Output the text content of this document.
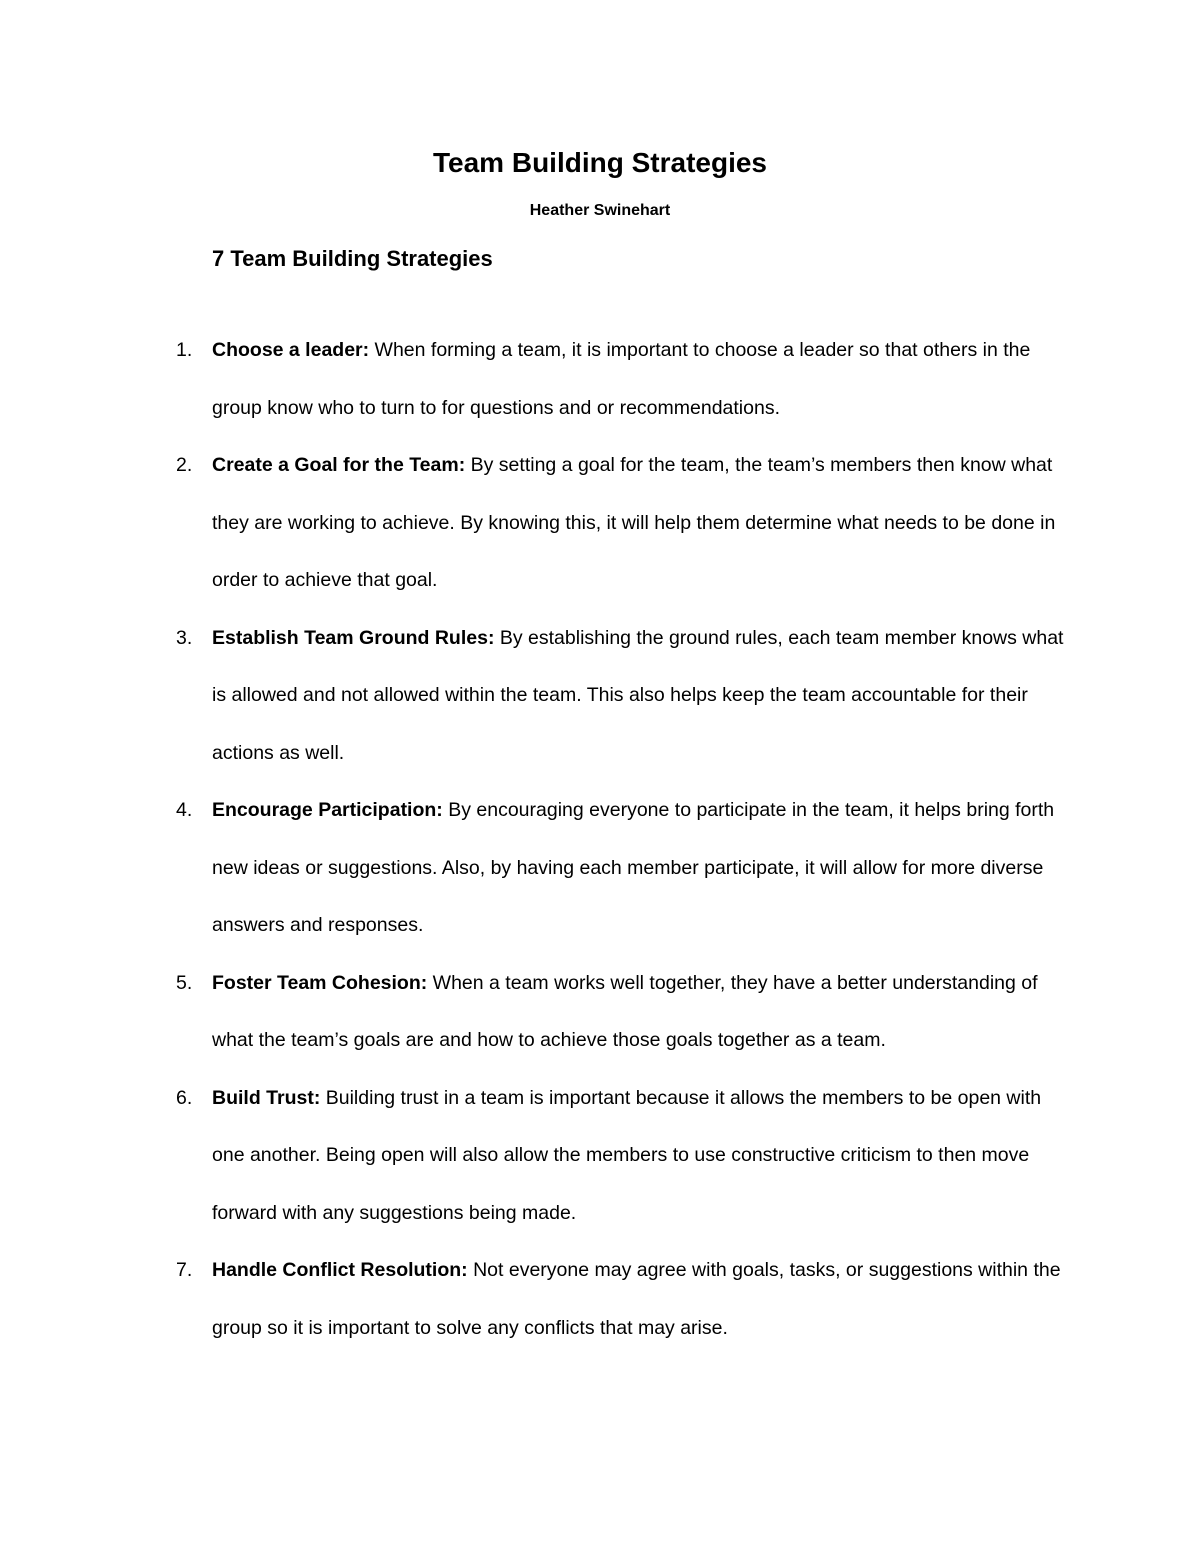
Team Building Strategies
Heather Swinehart
7 Team Building Strategies
1. Choose a leader: When forming a team, it is important to choose a leader so that others in the group know who to turn to for questions and or recommendations.
2. Create a Goal for the Team: By setting a goal for the team, the team’s members then know what they are working to achieve. By knowing this, it will help them determine what needs to be done in order to achieve that goal.
3. Establish Team Ground Rules: By establishing the ground rules, each team member knows what is allowed and not allowed within the team. This also helps keep the team accountable for their actions as well.
4. Encourage Participation: By encouraging everyone to participate in the team, it helps bring forth new ideas or suggestions. Also, by having each member participate, it will allow for more diverse answers and responses.
5. Foster Team Cohesion: When a team works well together, they have a better understanding of what the team’s goals are and how to achieve those goals together as a team.
6. Build Trust: Building trust in a team is important because it allows the members to be open with one another. Being open will also allow the members to use constructive criticism to then move forward with any suggestions being made.
7. Handle Conflict Resolution: Not everyone may agree with goals, tasks, or suggestions within the group so it is important to solve any conflicts that may arise.
